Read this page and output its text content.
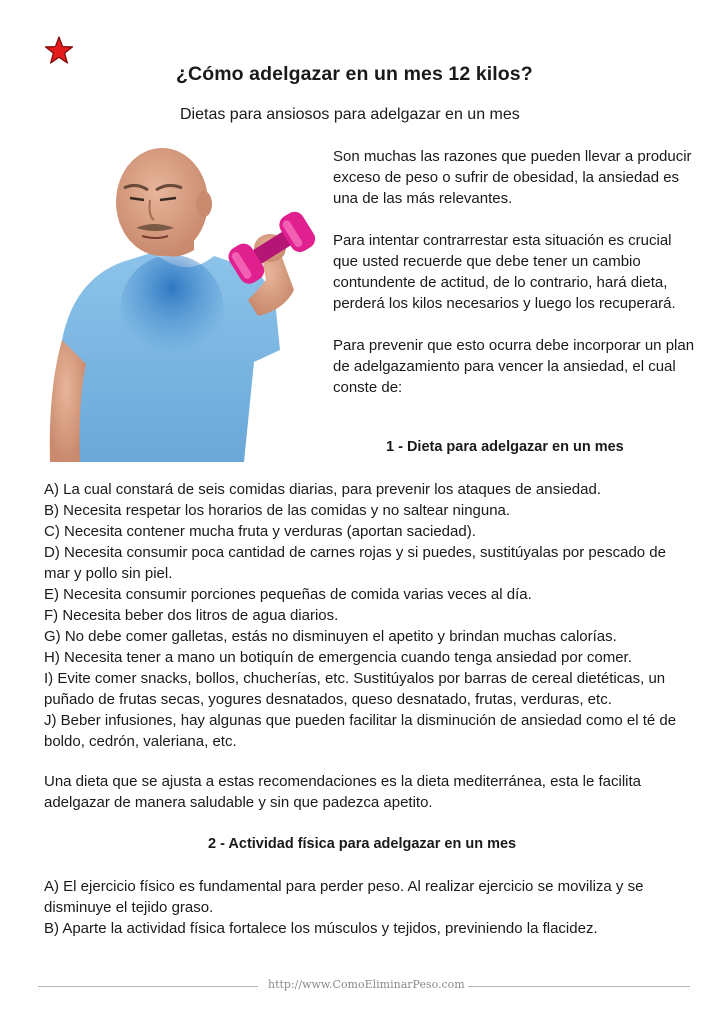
¿Cómo adelgazar en un mes 12 kilos?
Dietas para ansiosos para adelgazar en un mes

Son muchas las razones que pueden llevar a producir exceso de peso o sufrir de obesidad, la ansiedad es una de las más relevantes.

Para intentar contrarrestar esta situación es crucial que usted recuerde que debe tener un cambio contundente de actitud, de lo contrario, hará dieta, perderá los kilos necesarios y luego los recuperará.

Para prevenir que esto ocurra debe incorporar un plan de adelgazamiento para vencer la ansiedad, el cual conste de:

1 - Dieta para adelgazar en un mes
A) La cual constará de seis comidas diarias, para prevenir los ataques de ansiedad.
B) Necesita respetar los horarios de las comidas y no saltear ninguna.
C) Necesita contener mucha fruta y verduras (aportan saciedad).
D) Necesita consumir poca cantidad de carnes rojas y si puedes, sustitúyalas por pescado de mar y pollo sin piel.
E) Necesita consumir porciones pequeñas de comida varias veces al día.
F) Necesita beber dos litros de agua diarios.
G) No debe comer galletas, estás no disminuyen el apetito y brindan muchas calorías.
H) Necesita tener a mano un botiquín de emergencia cuando tenga ansiedad por comer.
I) Evite comer snacks, bollos, chucherías, etc. Sustitúyalos por barras de cereal dietéticas, un puñado de frutas secas, yogures desnatados, queso desnatado, frutas, verduras, etc.
J) Beber infusiones, hay algunas que pueden facilitar la disminución de ansiedad como el té de boldo, cedrón, valeriana, etc.
Una dieta que se ajusta a estas recomendaciones es la dieta mediterránea, esta le facilita adelgazar de manera saludable y sin que padezca apetito.
2 - Actividad física para adelgazar en un mes
A) El ejercicio físico es fundamental para perder peso. Al realizar ejercicio se moviliza y se disminuye el tejido graso.
B) Aparte la actividad física fortalece los músculos y tejidos, previniendo la flacidez.
http://www.ComoEliminarPeso.com
